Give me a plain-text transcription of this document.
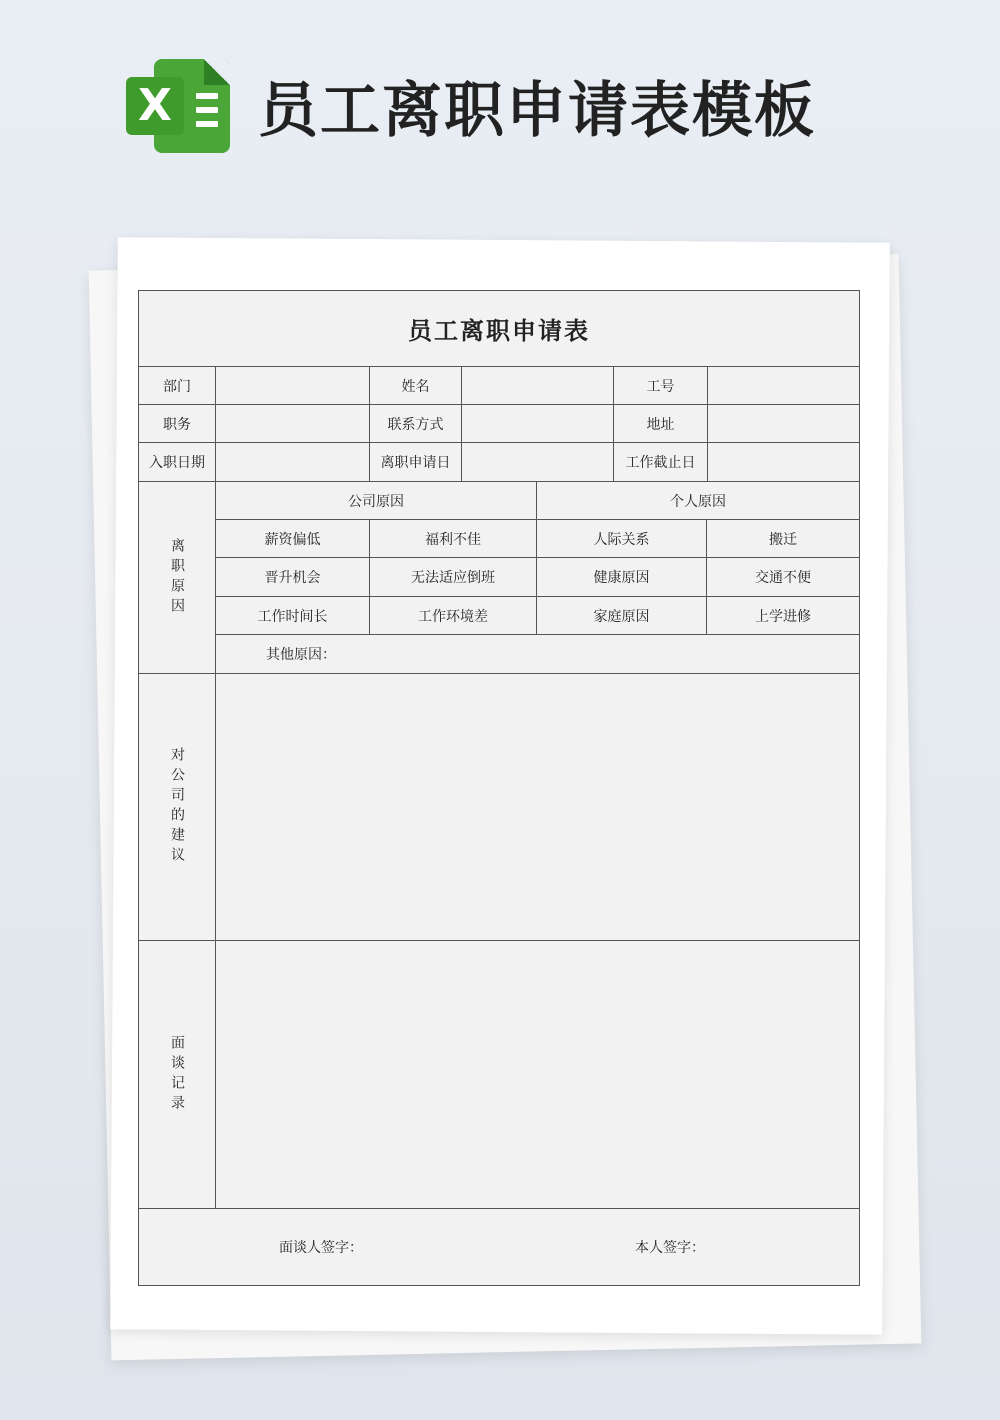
X 员工离职申请表模板
员工离职申请表
部门	姓名	工号
职务	联系方式	地址
入职日期	离职申请日	工作截止日
离职原因
公司原因	个人原因
薪资偏低	福利不佳	人际关系	搬迁
晋升机会	无法适应倒班	健康原因	交通不便
工作时间长	工作环境差	家庭原因	上学进修
其他原因：
对公司的建议
面谈记录
面谈人签字：	本人签字：
